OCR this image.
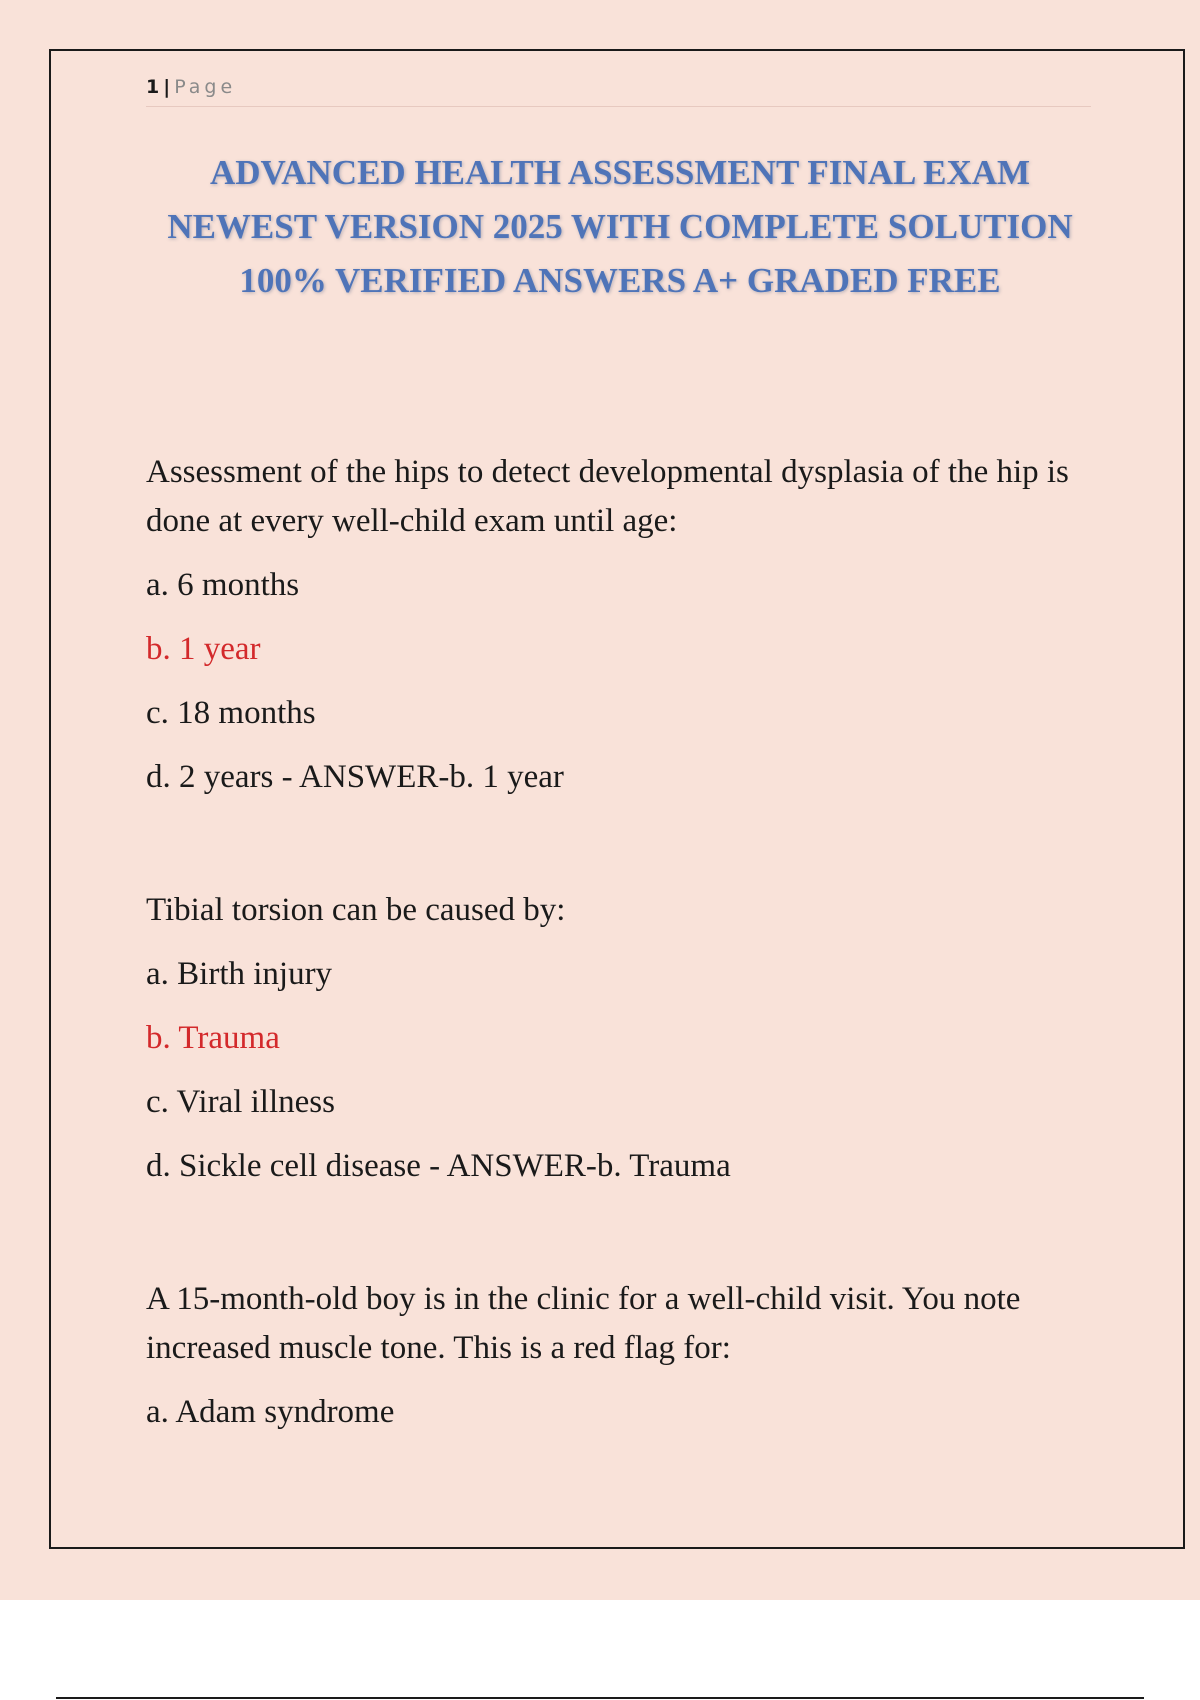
1 | Page
ADVANCED HEALTH ASSESSMENT FINAL EXAM
NEWEST VERSION 2025 WITH COMPLETE SOLUTION
100% VERIFIED ANSWERS A+ GRADED FREE

Assessment of the hips to detect developmental dysplasia of the hip is done at every well-child exam until age:

a. 6 months

b. 1 year

c. 18 months

d. 2 years - ANSWER-b. 1 year

Tibial torsion can be caused by:

a. Birth injury

b. Trauma

c. Viral illness

d. Sickle cell disease - ANSWER-b. Trauma

A 15-month-old boy is in the clinic for a well-child visit. You note increased muscle tone. This is a red flag for:

a. Adam syndrome
